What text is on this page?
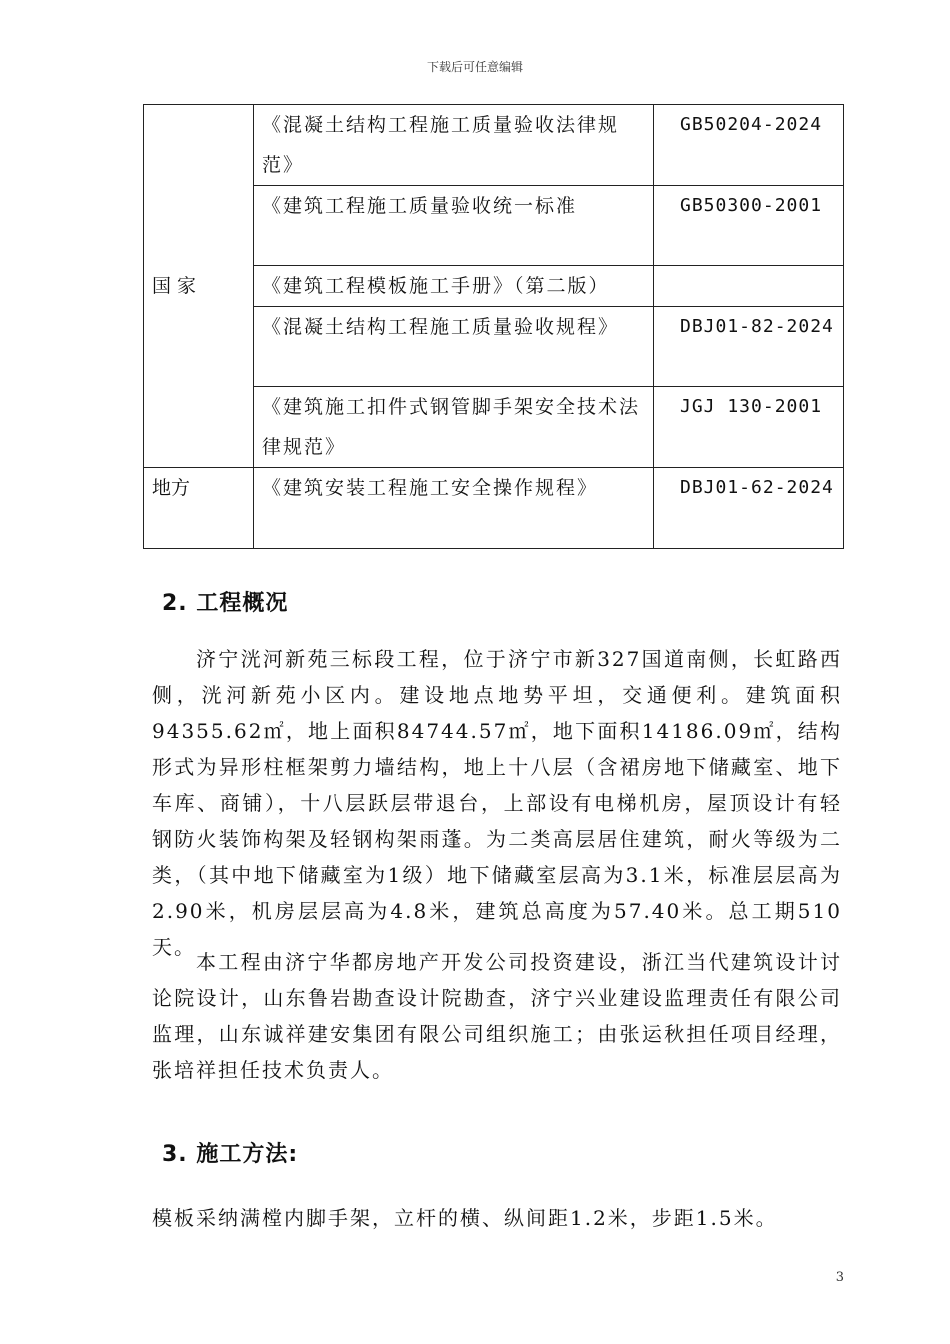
下载后可任意编辑
国 家	《混凝土结构工程施工质量验收法律规范》	GB50204-2024

	《建筑工程施工质量验收统一标准	GB50300-2001

	《建筑工程模板施工手册》（第二版）	
	《混凝土结构工程施工质量验收规程》	DBJ01-82-2024

	《建筑施工扣件式钢管脚手架安全技术法律规范》	JGJ 130-2001

地方	《建筑安装工程施工安全操作规程》	DBJ01-62-2024
2. 工程概况
济宁洸河新苑三标段工程，位于济宁市新327国道南侧，长虹路西侧，洸河新苑小区内。建设地点地势平坦，交通便利。建筑面积94355.62㎡，地上面积84744.57㎡，地下面积14186.09㎡，结构形式为异形柱框架剪力墙结构，地上十八层（含裙房地下储藏室、地下车库、商铺），十八层跃层带退台，上部设有电梯机房，屋顶设计有轻钢防火装饰构架及轻钢构架雨蓬。为二类高层居住建筑，耐火等级为二类，（其中地下储藏室为1级）地下储藏室层高为3.1米，标准层层高为2.90米，机房层层高为4.8米，建筑总高度为57.40米。总工期510天。
本工程由济宁华都房地产开发公司投资建设，浙江当代建筑设计讨论院设计，山东鲁岩勘查设计院勘查，济宁兴业建设监理责任有限公司监理，山东诚祥建安集团有限公司组织施工；由张运秋担任项目经理，张培祥担任技术负责人。
3. 施工方法:
模板采纳满樘内脚手架，立杆的横、纵间距1.2米，步距1.5米。
3
